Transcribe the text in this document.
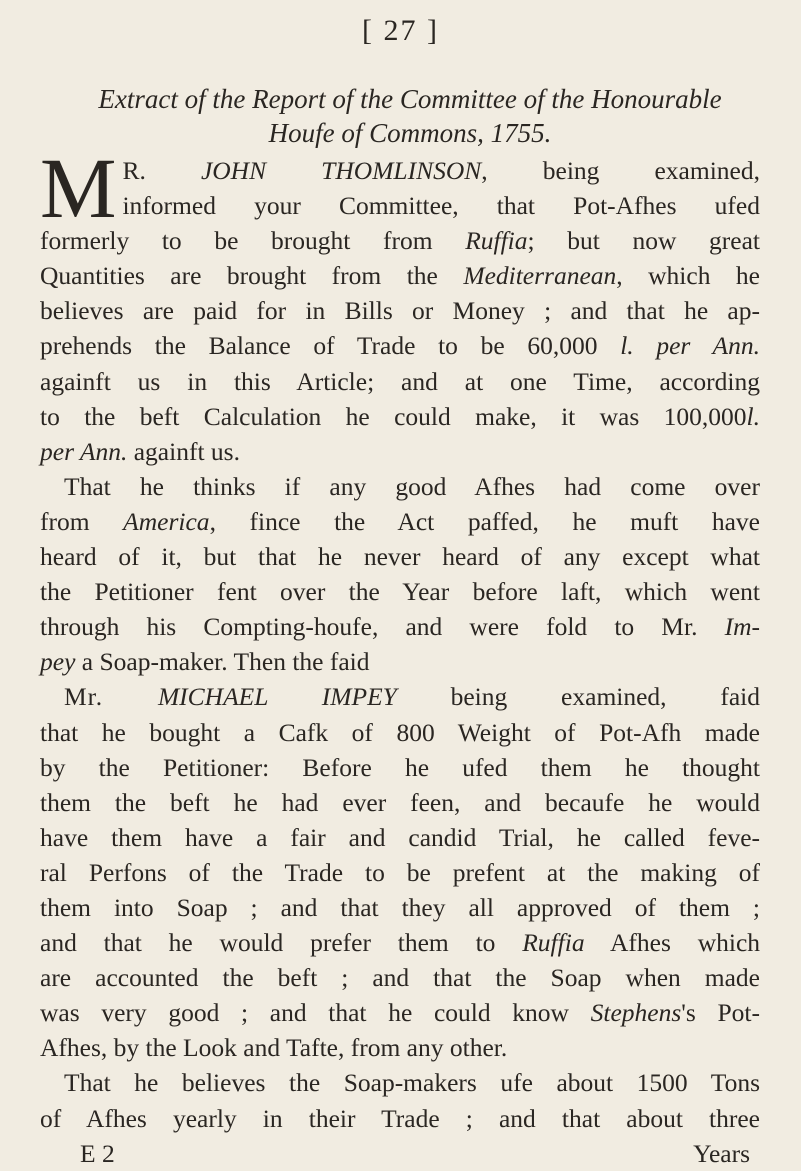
[ 27 ]
Extract of the Report of the Committee of the Honourable
Houfe of Commons, 1755.
M R. JOHN THOMLINSON, being examined,
informed your Committee, that Pot-Afhes ufed
formerly to be brought from Ruffia; but now great
Quantities are brought from the Mediterranean, which he
believes are paid for in Bills or Money ; and that he ap-
prehends the Balance of Trade to be 60,000 l. per Ann.
againft us in this Article; and at one Time, according
to the beft Calculation he could make, it was 100,000l.
per Ann. againft us.
That he thinks if any good Afhes had come over
from America, fince the Act paffed, he muft have
heard of it, but that he never heard of any except what
the Petitioner fent over the Year before laft, which went
through his Compting-houfe, and were fold to Mr. Im-
pey a Soap-maker. Then the faid
Mr. MICHAEL IMPEY being examined, faid
that he bought a Cafk of 800 Weight of Pot-Afh made
by the Petitioner: Before he ufed them he thought
them the beft he had ever feen, and becaufe he would
have them have a fair and candid Trial, he called feve-
ral Perfons of the Trade to be prefent at the making of
them into Soap ; and that they all approved of them ;
and that he would prefer them to Ruffia Afhes which
are accounted the beft ; and that the Soap when made
was very good ; and that he could know Stephens's Pot-
Afhes, by the Look and Tafte, from any other.
That he believes the Soap-makers ufe about 1500 Tons
of Afhes yearly in their Trade ; and that about three
E 2	Years
